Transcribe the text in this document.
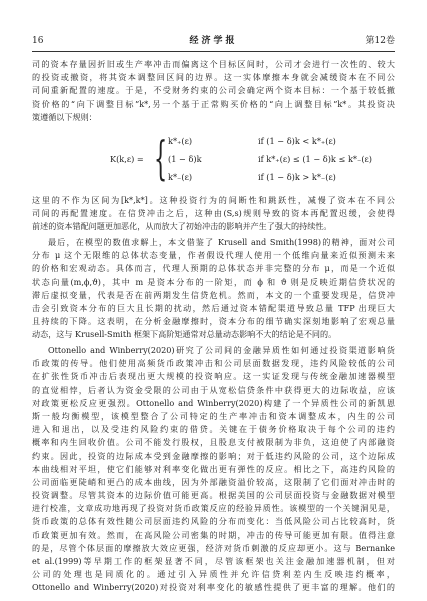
16	经济学报	第12卷
司的资本存量因折旧或生产率冲击而偏离这个目标区间时，公司才会进行一次性的、较大
的投资或撤资，将其资本调整回区间的边界。这一实体摩擦本身就会减缓资本在不同公
司间重新配置的速度。于是，不受财务约束的公司会确定两个资本目标：一个基于较低撤
资价格的“向下调整目标”k*,另一个基于正常购买价格的“向上调整目标”k*。其投资决
策遵循以下规则：
K(k,ε) = { k*₊(ε)	if (1 − δ)k < k*₊(ε)
(1 − δ)k	if k*₊(ε) ≤ (1 − δ)k ≤ k*₋(ε)
k*₋(ε)	if (1 − δ)k > k*₋(ε)
这里的不作为区间为[k*,k*]。这种投资行为的间断性和跳跃性，减慢了资本在不同公
司间的再配置速度。在信贷冲击之后，这种由(S,s)规则导致的资本再配置迟缓，会使得
前述的资本错配问题更加恶化，从而放大了初始冲击的影响并产生了强大的持续性。
最后，在模型的数值求解上，本文借鉴了 Krusell and Smith(1998)的精神，面对公司
分布 μ 这个无限维的总体状态变量，作者假设代理人使用一个低维向量来近似预测未来
的价格和宏观动态。具体而言，代理人预期的总体状态并非完整的分布 μ，而是一个近似
状态向量(m,ϕ,ϑ)，其中 m 是资本分布的一阶矩，而 ϕ 和 ϑ 则是反映近期信贷状况的
滞后虚拟变量，代表是否在前两期发生信贷危机。然而，本文的一个重要发现是，信贷冲
击会引致资本分布的巨大且长期的扰动，然后通过资本错配渠道导致总量 TFP 出现巨大
且持续的下降。这表明，在分析金融摩擦时，资本分布的细节确实深刻地影响了宏观总量
动态，这与 Krusell-Smith 框架下高阶矩通常对总量动态影响不大的结论是不同的。
Ottonello and Winberry(2020)研究了公司间的金融异质性如何通过投资渠道影响货
币政策的传导。他们使用高频货币政策冲击和公司层面数据发现，违约风险较低的公司
在扩张性货币冲击后表现出更大规模的投资响应。这一实证发现与传统金融加速器模型
的直觉相悖，后者认为资金受限的公司由于从宽松信贷条件中获得更大的边际收益，应该
对政策更松反应更强烈。Ottonello and Winberry(2020)构建了一个异质性公司的新凯恩
斯一般均衡模型，该模型整合了公司特定的生产率冲击和资本调整成本，内生的公司
进入和退出，以及受违约风险约束的借贷。关键在于债务价格取决于每个公司的违约
概率和内生回收价值。公司不能发行股权，且股息支付被限制为非负，这迫使了内部融资
约束。因此，投资的边际成本受到金融摩擦的影响；对于低违约风险的公司，这个边际成
本曲线相对平坦，使它们能够对利率变化做出更有弹性的反应。相比之下，高违约风险的
公司面临更陡峭和更凸的成本曲线，因为外部融资溢价较高，这限制了它们面对冲击时的
投资调整。尽管其资本的边际价值可能更高。根据美国的公司层面投资与金融数据对模型
进行校准，文章成功地再现了投资对货币政策反应的经验异质性。该模型的一个关键洞见是，
货币政策的总体有效性随公司层面违约风险的分布而变化：当低风险公司占比较高时，货
币政策更加有效。然而，在高风险公司密集的时期，冲击的传导可能更加有限。值得注意
的是，尽管个体层面的摩擦放大效应更强，经济对货币刺激的反应却更小。这与 Bernanke
et al.(1999)等早期工作的框架显著不同，尽管该框架也关注金融加速器机制，但对
公司的处理也是同质化的。通过引入异质性并允许信贷利差内生反映违约概率，
Ottonello and Winberry(2020)对投资对利率变化的敏感性提供了更丰富的理解。他们的
